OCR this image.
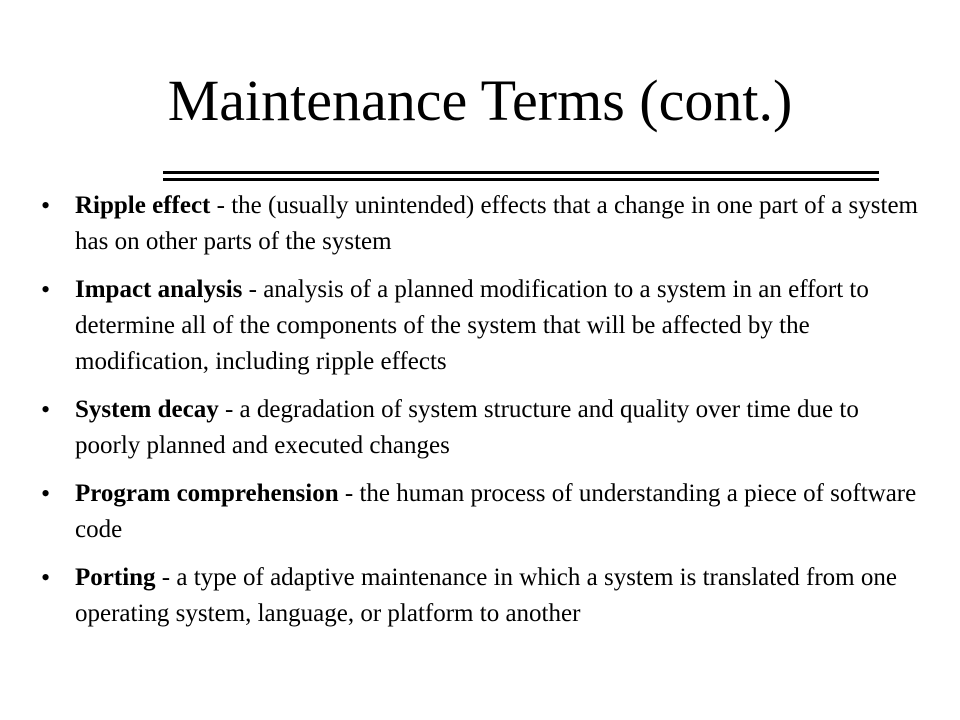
Maintenance Terms (cont.)
• Ripple effect - the (usually unintended) effects that a change in one part of a system has on other parts of the system
• Impact analysis - analysis of a planned modification to a system in an effort to determine all of the components of the system that will be affected by the modification, including ripple effects
• System decay - a degradation of system structure and quality over time due to poorly planned and executed changes
• Program comprehension - the human process of understanding a piece of software code
• Porting - a type of adaptive maintenance in which a system is translated from one operating system, language, or platform to another
